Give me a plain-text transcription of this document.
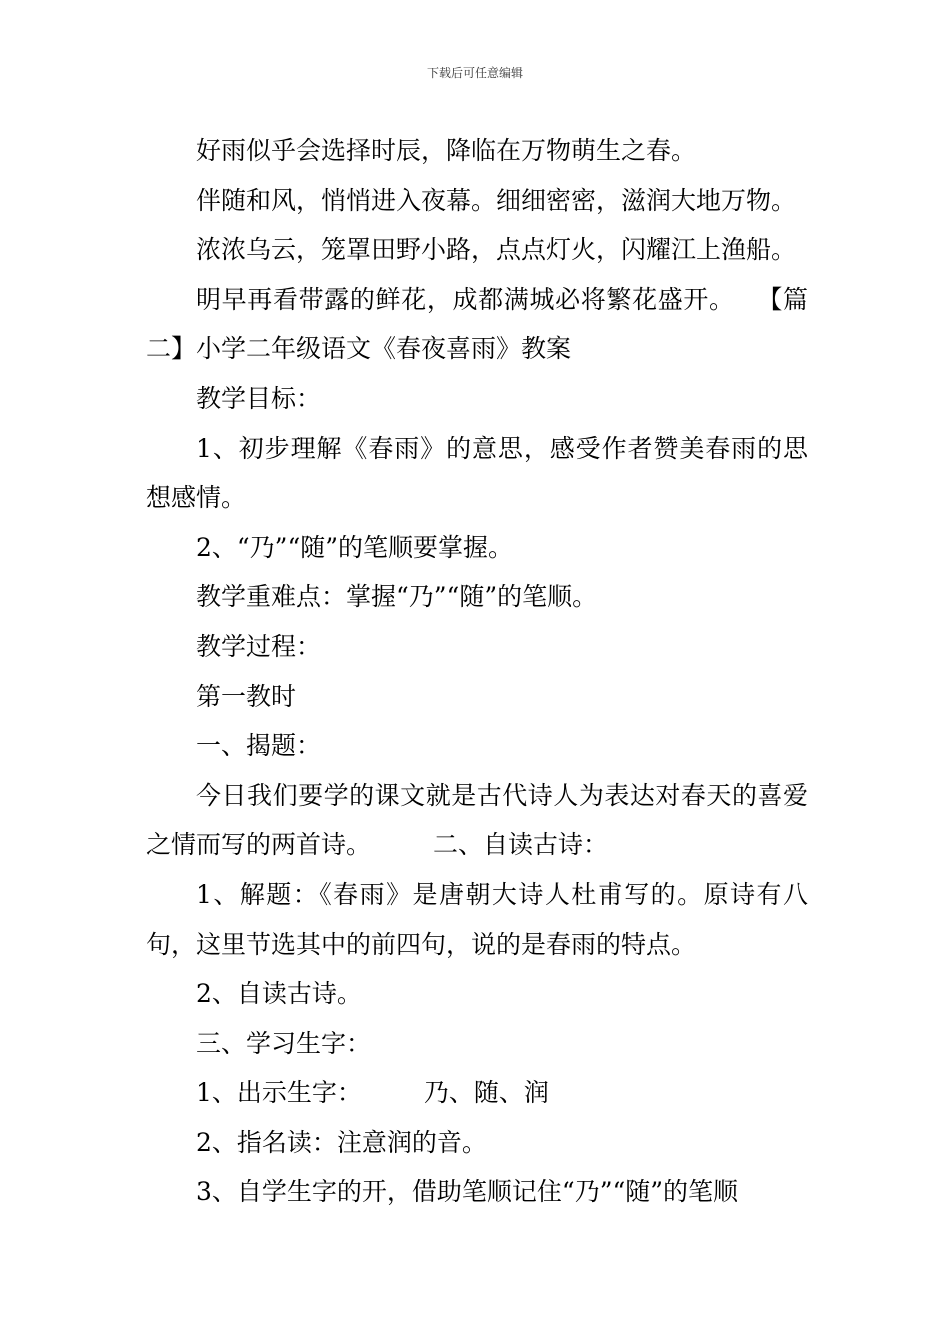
下载后可任意编辑

好雨似乎会选择时辰，降临在万物萌生之春。

伴随和风，悄悄进入夜幕。细细密密，滋润大地万物。

浓浓乌云，笼罩田野小路，点点灯火，闪耀江上渔船。

明早再看带露的鲜花，成都满城必将繁花盛开。 【篇二】小学二年级语文《春夜喜雨》教案

教学目标：

1、初步理解《春雨》的意思，感受作者赞美春雨的思想感情。

2、“乃”“随”的笔顺要掌握。

教学重难点：掌握“乃”“随”的笔顺。

教学过程：

第一教时

一、揭题：

今日我们要学的课文就是古代诗人为表达对春天的喜爱之情而写的两首诗。 二、自读古诗：

1、解题：《春雨》是唐朝大诗人杜甫写的。原诗有八句，这里节选其中的前四句，说的是春雨的特点。

2、自读古诗。

三、学习生字：

1、出示生字： 乃、随、润

2、指名读：注意润的音。

3、自学生字的开，借助笔顺记住“乃”“随”的笔顺
